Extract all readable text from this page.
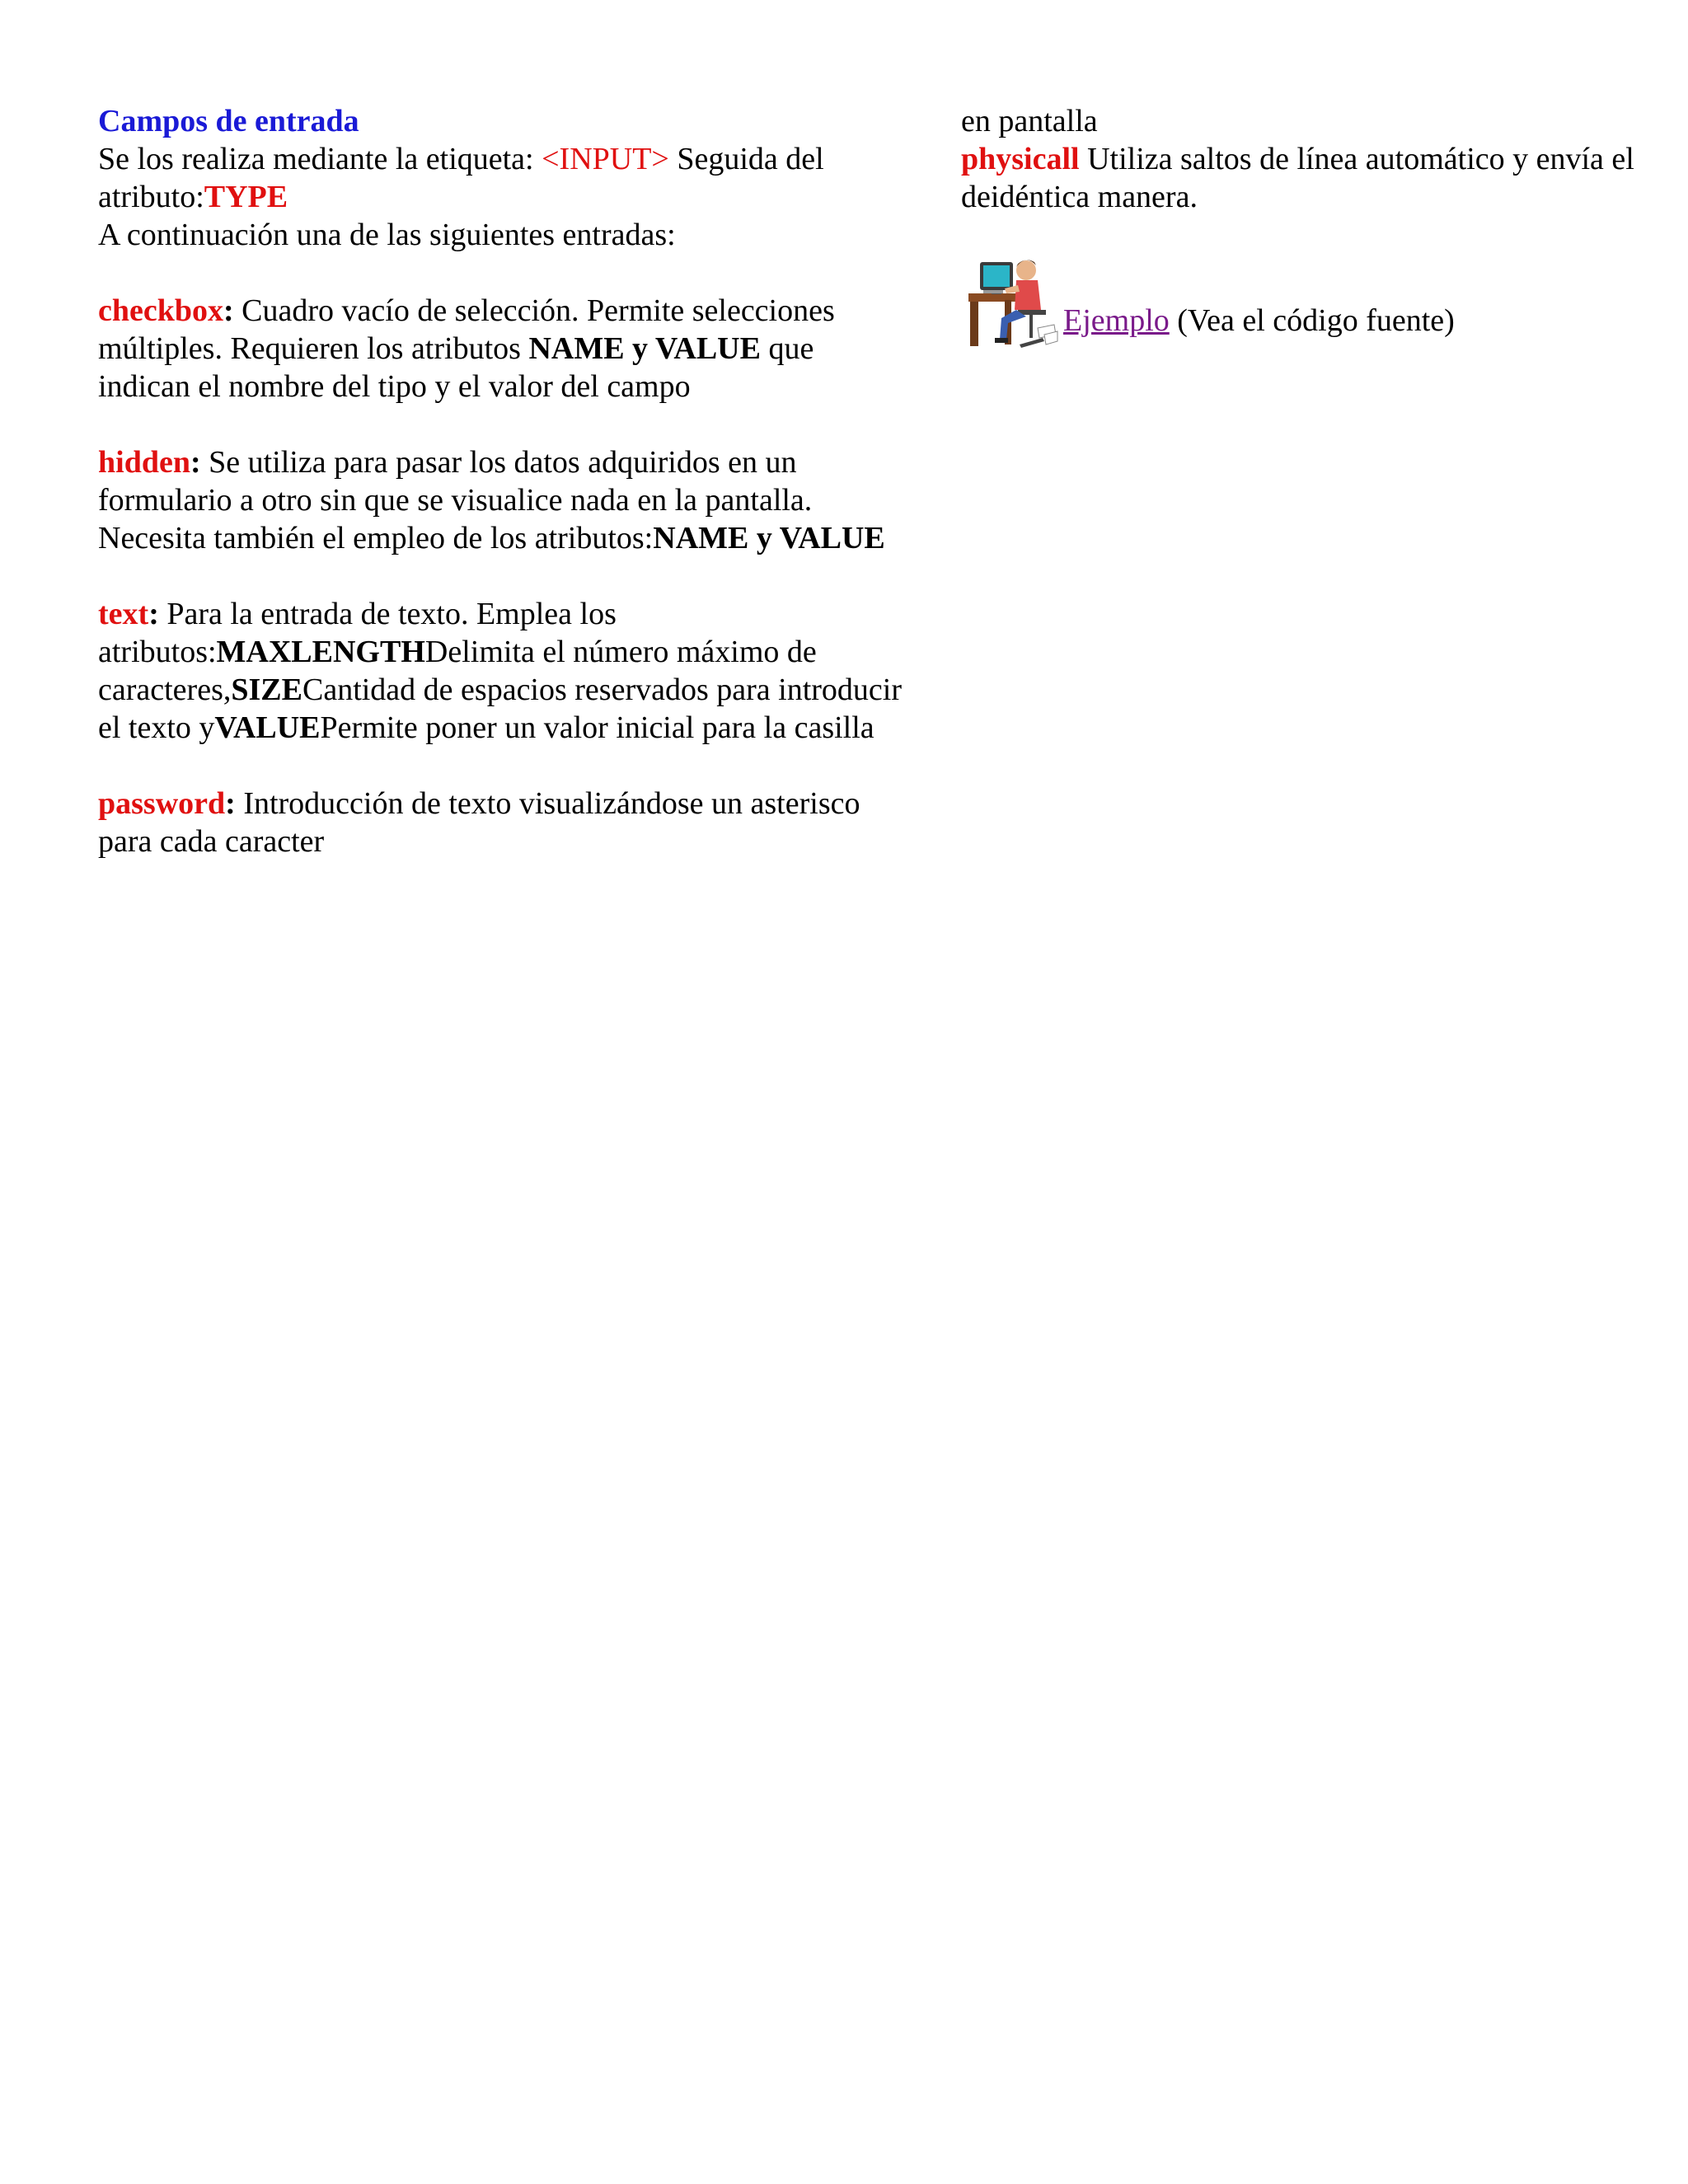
Campos de entrada
Se los realiza mediante la etiqueta: <INPUT> Seguida del
atributo:TYPE
A continuación una de las siguientes entradas:
checkbox: Cuadro vacío de selección. Permite selecciones
múltiples. Requieren los atributos NAME y VALUE que
indican el nombre del tipo y el valor del campo
hidden: Se utiliza para pasar los datos adquiridos en un
formulario a otro sin que se visualice nada en la pantalla.
Necesita también el empleo de los atributos:NAME y VALUE
text: Para la entrada de texto. Emplea los
atributos:MAXLENGTHDelimita el número máximo de
caracteres,SIZECantidad de espacios reservados para introducir
el texto yVALUEPermite poner un valor inicial para la casilla
password: Introducción de texto visualizándose un asterisco
para cada caracter
en pantalla
physicall Utiliza saltos de línea automático y envía el
deidéntica manera.
Ejemplo (Vea el código fuente)
